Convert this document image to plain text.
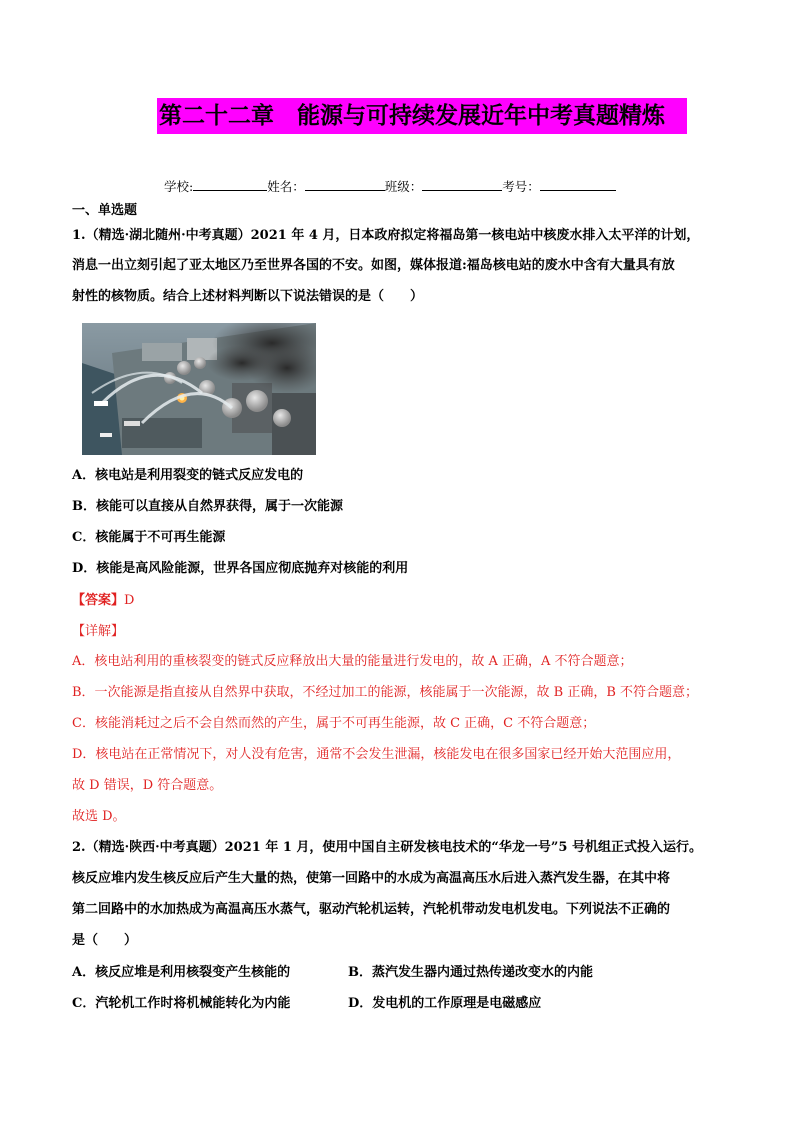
第二十二章　能源与可持续发展近年中考真题精炼
学校:	姓名：	班级：	考号：
一、单选题
1.（精选·湖北随州·中考真题）2021 年 4 月，日本政府拟定将福岛第一核电站中核废水排入太平洋的计划，
消息一出立刻引起了亚太地区乃至世界各国的不安。如图，媒体报道:福岛核电站的废水中含有大量具有放
射性的核物质。结合上述材料判断以下说法错误的是（　　）
A．核电站是利用裂变的链式反应发电的
B．核能可以直接从自然界获得，属于一次能源
C．核能属于不可再生能源
D．核能是高风险能源，世界各国应彻底抛弃对核能的利用
【答案】D
【详解】
A．核电站利用的重核裂变的链式反应释放出大量的能量进行发电的，故 A 正确，A 不符合题意；
B．一次能源是指直接从自然界中获取，不经过加工的能源，核能属于一次能源，故 B 正确，B 不符合题意；
C．核能消耗过之后不会自然而然的产生，属于不可再生能源，故 C 正确，C 不符合题意；
D．核电站在正常情况下，对人没有危害，通常不会发生泄漏，核能发电在很多国家已经开始大范围应用，
故 D 错误，D 符合题意。
故选 D。
2.（精选·陕西·中考真题）2021 年 1 月，使用中国自主研发核电技术的“华龙一号”5 号机组正式投入运行。
核反应堆内发生核反应后产生大量的热，使第一回路中的水成为高温高压水后进入蒸汽发生器，在其中将
第二回路中的水加热成为高温高压水蒸气，驱动汽轮机运转，汽轮机带动发电机发电。下列说法不正确的
是（　　）
A．核反应堆是利用核裂变产生核能的	B．蒸汽发生器内通过热传递改变水的内能
C．汽轮机工作时将机械能转化为内能	D．发电机的工作原理是电磁感应
